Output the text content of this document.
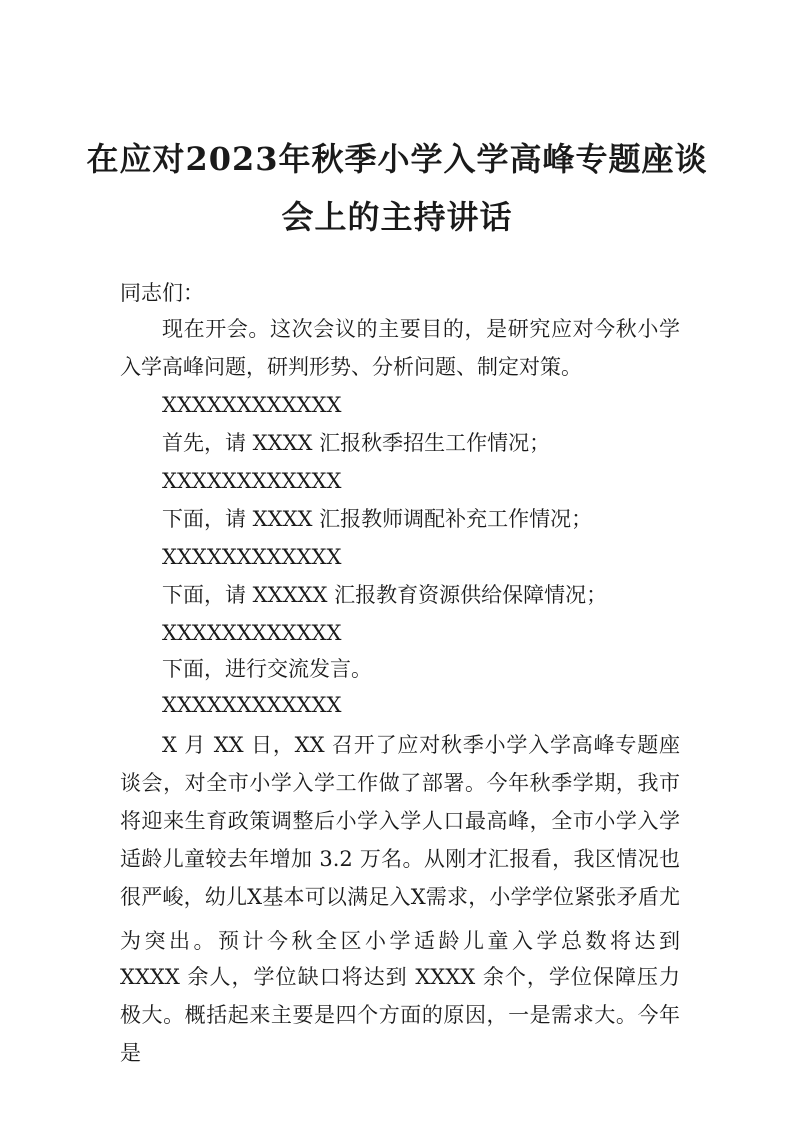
在应对2023年秋季小学入学高峰专题座谈
会上的主持讲话

同志们：

现在开会。这次会议的主要目的，是研究应对今秋小学

入学高峰问题，研判形势、分析问题、制定对策。

XXXXXXXXXXXX

首先，请 XXXX 汇报秋季招生工作情况；

XXXXXXXXXXXX

下面，请 XXXX 汇报教师调配补充工作情况；

XXXXXXXXXXXX

下面，请 XXXXX 汇报教育资源供给保障情况；

XXXXXXXXXXXX

下面，进行交流发言。

XXXXXXXXXXXX

X 月 XX 日，XX 召开了应对秋季小学入学高峰专题座

谈会，对全市小学入学工作做了部署。今年秋季学期，我市

将迎来生育政策调整后小学入学人口最高峰，全市小学入学

适龄儿童较去年增加 3.2 万名。从刚才汇报看，我区情况也

很严峻，幼儿X基本可以满足入X需求，小学学位紧张矛盾尤

为突出。预计今秋全区小学适龄儿童入学总数将达到

XXXX 余人，学位缺口将达到 XXXX 余个，学位保障压力

极大。概括起来主要是四个方面的原因，一是需求大。今年

是
